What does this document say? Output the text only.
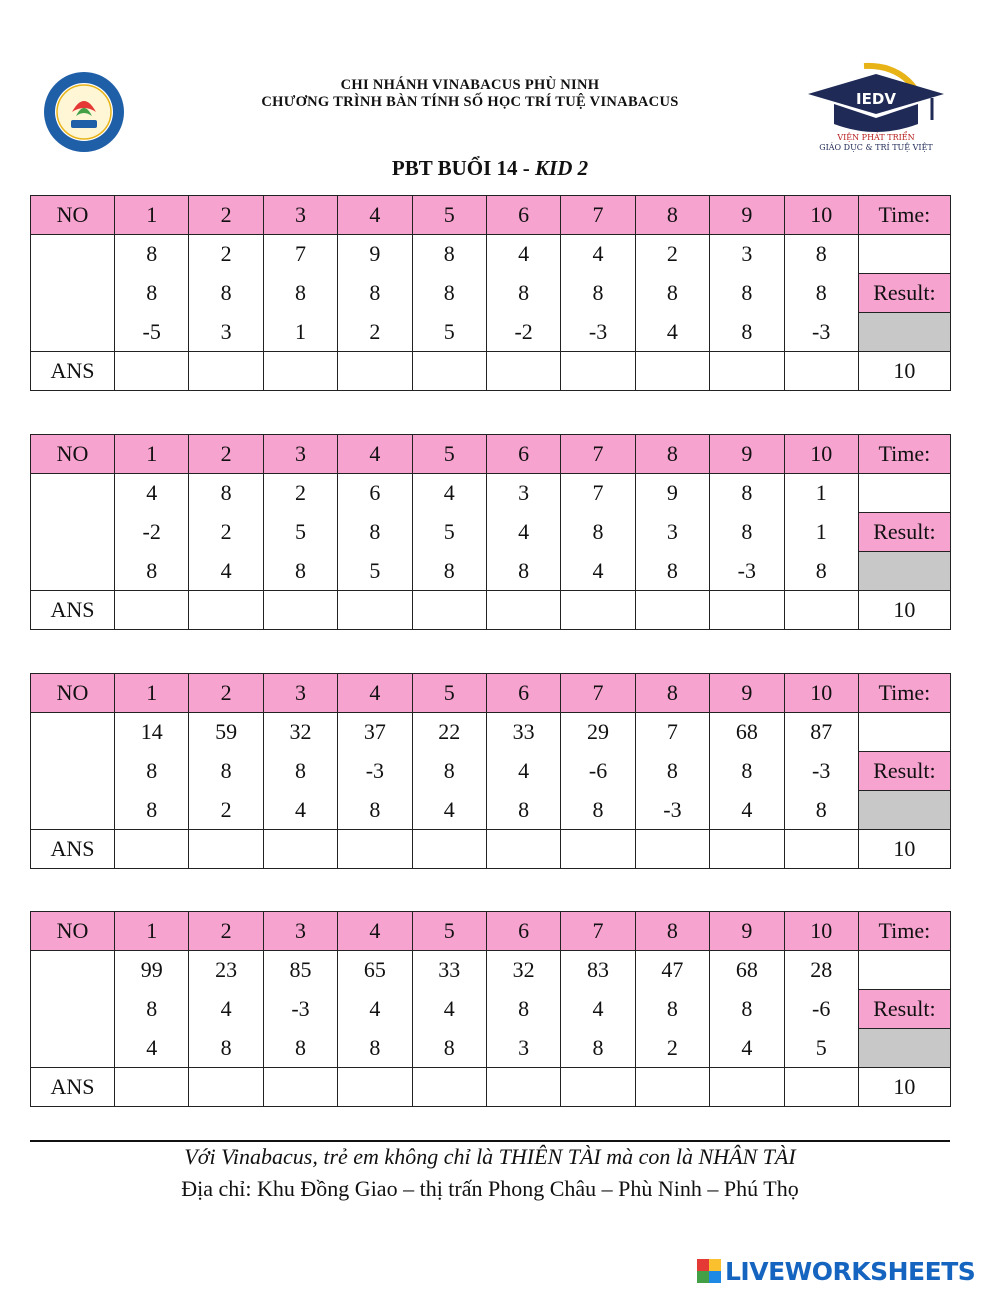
CHI NHÁNH VINABACUS PHÙ NINH
CHƯƠNG TRÌNH BÀN TÍNH SỐ HỌC TRÍ TUỆ VINABACUS	IEDV
VIỆN PHÁT TRIỂN
GIÁO DỤC & TRÍ TUỆ VIỆT
PBT BUỔI 14 - KID 2
NO	1	2	3	4	5	6	7	8	9	10	Time:
	8	2	7	9	8	4	4	2	3	8	
	8	8	8	8	8	8	8	8	8	8	Result:
	-5	3	1	2	5	-2	-3	4	8	-3	
ANS											10
NO	1	2	3	4	5	6	7	8	9	10	Time:
	4	8	2	6	4	3	7	9	8	1	
	-2	2	5	8	5	4	8	3	8	1	Result:
	8	4	8	5	8	8	4	8	-3	8	
ANS											10
NO	1	2	3	4	5	6	7	8	9	10	Time:
	14	59	32	37	22	33	29	7	68	87	
	8	8	8	-3	8	4	-6	8	8	-3	Result:
	8	2	4	8	4	8	8	-3	4	8	
ANS											10
NO	1	2	3	4	5	6	7	8	9	10	Time:
	99	23	85	65	33	32	83	47	68	28	
	8	4	-3	4	4	8	4	8	8	-6	Result:
	4	8	8	8	8	3	8	2	4	5	
ANS											10
Với Vinabacus, trẻ em không chỉ là THIÊN TÀI mà con là NHÂN TÀI
Địa chỉ: Khu Đồng Giao – thị trấn Phong Châu – Phù Ninh – Phú Thọ
LIVEWORKSHEETS
